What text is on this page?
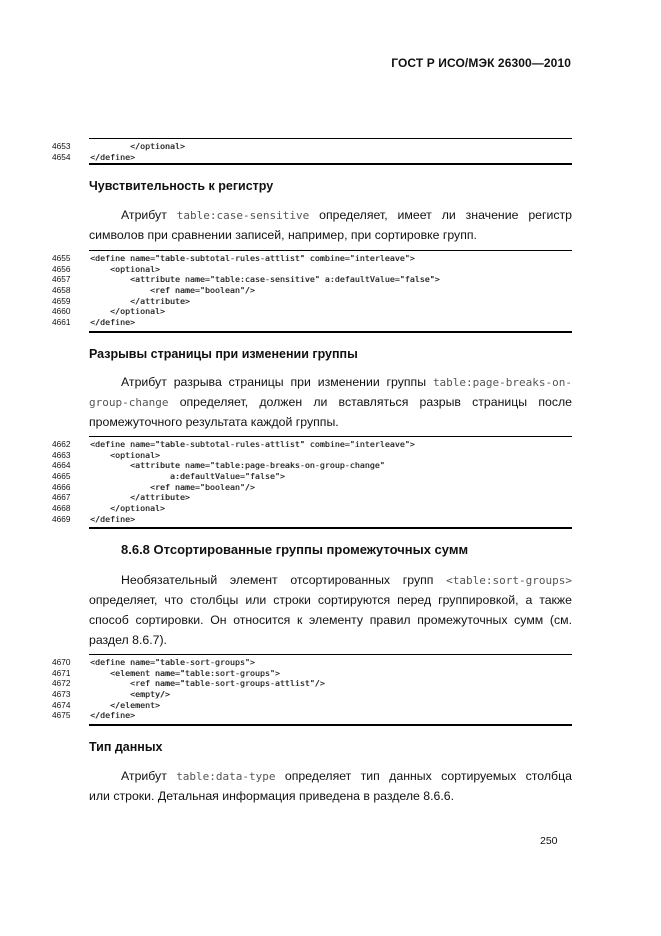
ГОСТ Р ИСО/МЭК 26300—2010
4653	</optional>
4654	</define>
Чувствительность к регистру
Атрибут table:case-sensitive определяет, имеет ли значение регистр
символов при сравнении записей, например, при сортировке групп.
4655	<define name="table-subtotal-rules-attlist" combine="interleave">
4656	<optional>
4657	<attribute name="table:case-sensitive" a:defaultValue="false">
4658	<ref name="boolean"/>
4659	</attribute>
4660	</optional>
4661	</define>
Разрывы страницы при изменении группы
Атрибут разрыва страницы при изменении группы table:page-breaks-on-
group-change определяет, должен ли вставляться разрыв страницы после
промежуточного результата каждой группы.
4662	<define name="table-subtotal-rules-attlist" combine="interleave">
4663	<optional>
4664	<attribute name="table:page-breaks-on-group-change"
4665	a:defaultValue="false">
4666	<ref name="boolean"/>
4667	</attribute>
4668	</optional>
4669	</define>
8.6.8 Отсортированные группы промежуточных сумм
Необязательный элемент отсортированных групп <table:sort-groups>
определяет, что столбцы или строки сортируются перед группировкой, а также
способ сортировки. Он относится к элементу правил промежуточных сумм (см.
раздел 8.6.7).
4670	<define name="table-sort-groups">
4671	<element name="table:sort-groups">
4672	<ref name="table-sort-groups-attlist"/>
4673	<empty/>
4674	</element>
4675	</define>
Тип данных
Атрибут table:data-type определяет тип данных сортируемых столбца
или строки. Детальная информация приведена в разделе 8.6.6.
250
